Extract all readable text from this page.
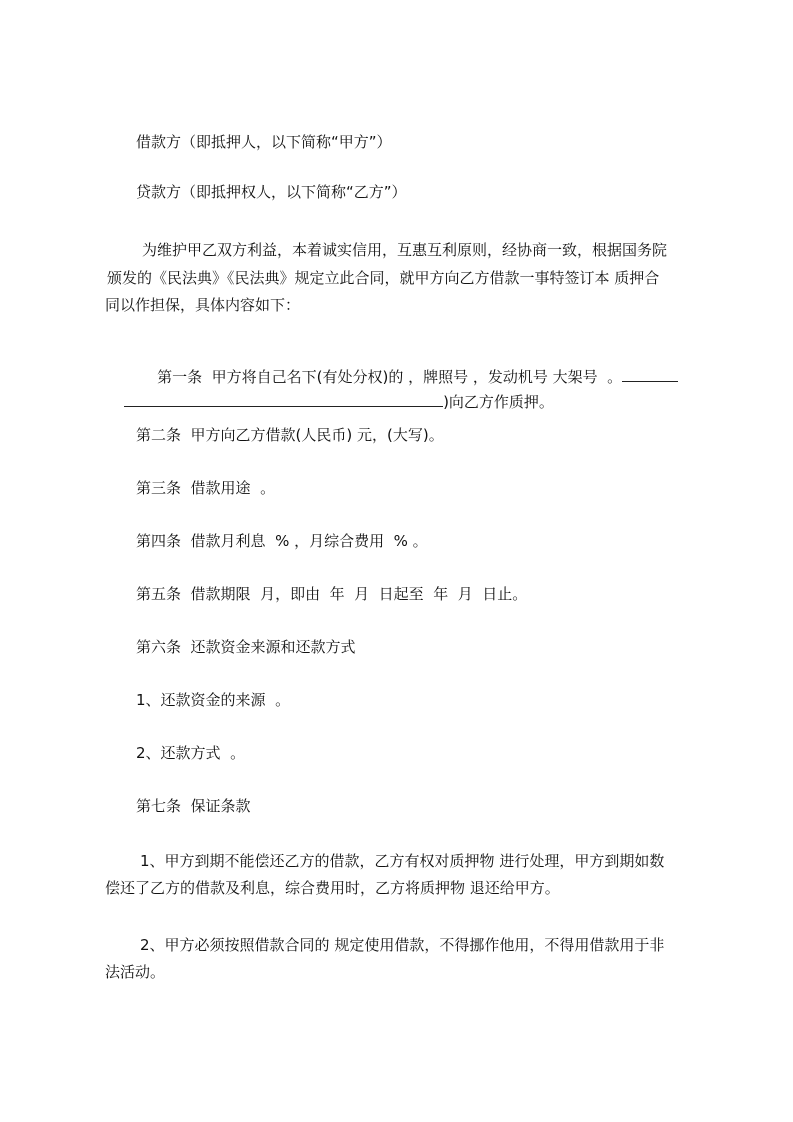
借款方（即抵押人，以下简称“甲方”）
贷款方（即抵押权人，以下简称“乙方”）
为维护甲乙双方利益，本着诚实信用，互惠互利原则，经协商一致，根据国务院
颁发的《民法典》《民法典》规定立此合同，就甲方向乙方借款一事特签订本 质押合
同以作担保，具体内容如下：

第一条  甲方将自己名下(有处分权)的 ，牌照号 ，发动机号 大架号  。

)向乙方作质押。

第二条  甲方向乙方借款(人民币) 元，(大写)。
第三条  借款用途  。
第四条  借款月利息  % ，月综合费用  % 。
第五条  借款期限  月，即由  年  月  日起至  年  月  日止。
第六条  还款资金来源和还款方式
1、还款资金的来源  。
2、还款方式  。
第七条  保证条款
1、甲方到期不能偿还乙方的借款，乙方有权对质押物 进行处理，甲方到期如数
偿还了乙方的借款及利息，综合费用时，乙方将质押物 退还给甲方。
2、甲方必须按照借款合同的 规定使用借款，不得挪作他用，不得用借款用于非
法活动。
